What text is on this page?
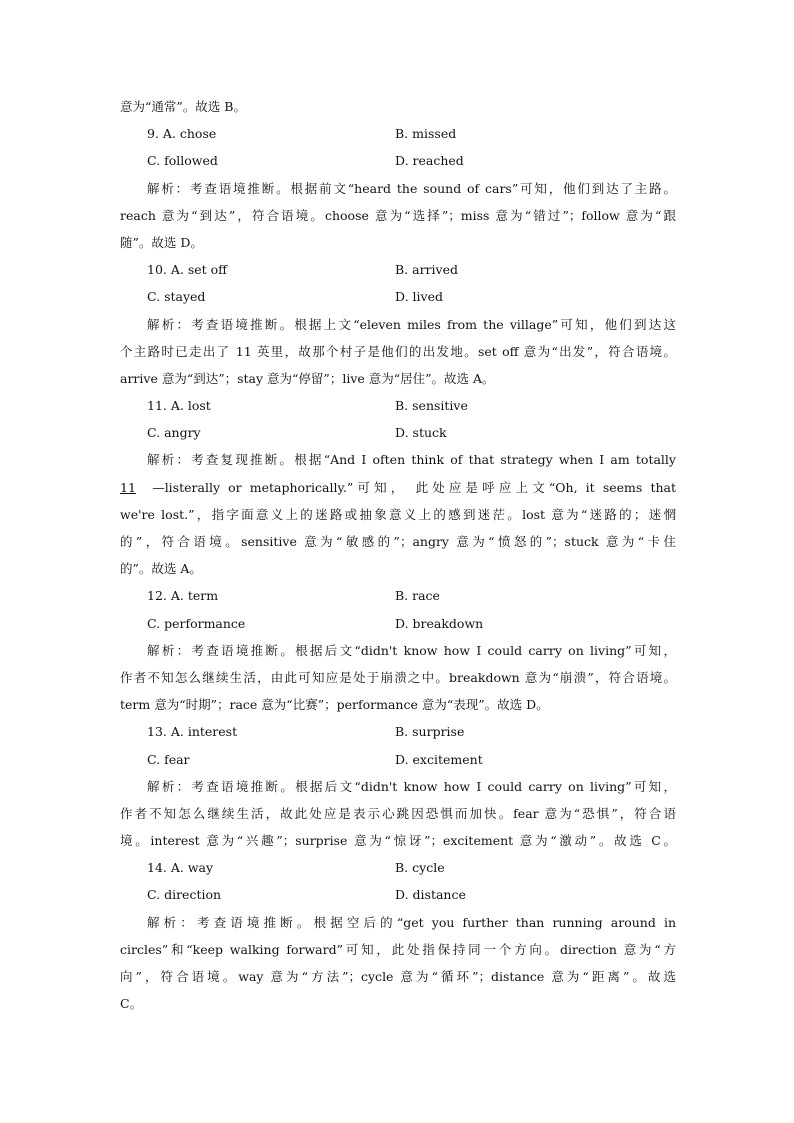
意为“通常”。故选 B。
9. A. chose	B. missed
C. followed	D. reached
解析：考查语境推断。根据前文“heard the sound of cars”可知，他们到达了主路。
reach 意为“到达”，符合语境。choose 意为“选择”；miss 意为“错过”；follow 意为“跟
随”。故选 D。
10. A. set off	B. arrived
C. stayed	D. lived
解析：考查语境推断。根据上文“eleven miles from the village”可知，他们到达这
个主路时已走出了 11 英里，故那个村子是他们的出发地。set off 意为“出发”，符合语境。
arrive 意为“到达”；stay 意为“停留”；live 意为“居住”。故选 A。
11. A. lost	B. sensitive
C. angry	D. stuck
解析：考查复现推断。根据“And I often think of that strategy when I am totally
11 —listerally or metaphorically.”可知， 此处应是呼应上文“Oh, it seems that
we're lost.”，指字面意义上的迷路或抽象意义上的感到迷茫。lost 意为“迷路的；迷惘
的”，符合语境。sensitive 意为“敏感的”；angry 意为“愤怒的”；stuck 意为“卡住
的”。故选 A。
12. A. term	B. race
C. performance	D. breakdown
解析：考查语境推断。根据后文“didn't know how I could carry on living”可知，
作者不知怎么继续生活，由此可知应是处于崩溃之中。breakdown 意为“崩溃”，符合语境。
term 意为“时期”；race 意为“比赛”；performance 意为“表现”。故选 D。
13. A. interest	B. surprise
C. fear	D. excitement
解析：考查语境推断。根据后文“didn't know how I could carry on living”可知，
作者不知怎么继续生活，故此处应是表示心跳因恐惧而加快。fear 意为“恐惧”，符合语
境。interest 意为“兴趣”；surprise 意为“惊讶”；excitement 意为“激动”。故选 C。
14. A. way	B. cycle
C. direction	D. distance
解析：考查语境推断。根据空后的“get you further than running around in
circles”和“keep walking forward”可知，此处指保持同一个方向。direction 意为“方
向”，符合语境。way 意为“方法”；cycle 意为“循环”；distance 意为“距离”。故选
C。
